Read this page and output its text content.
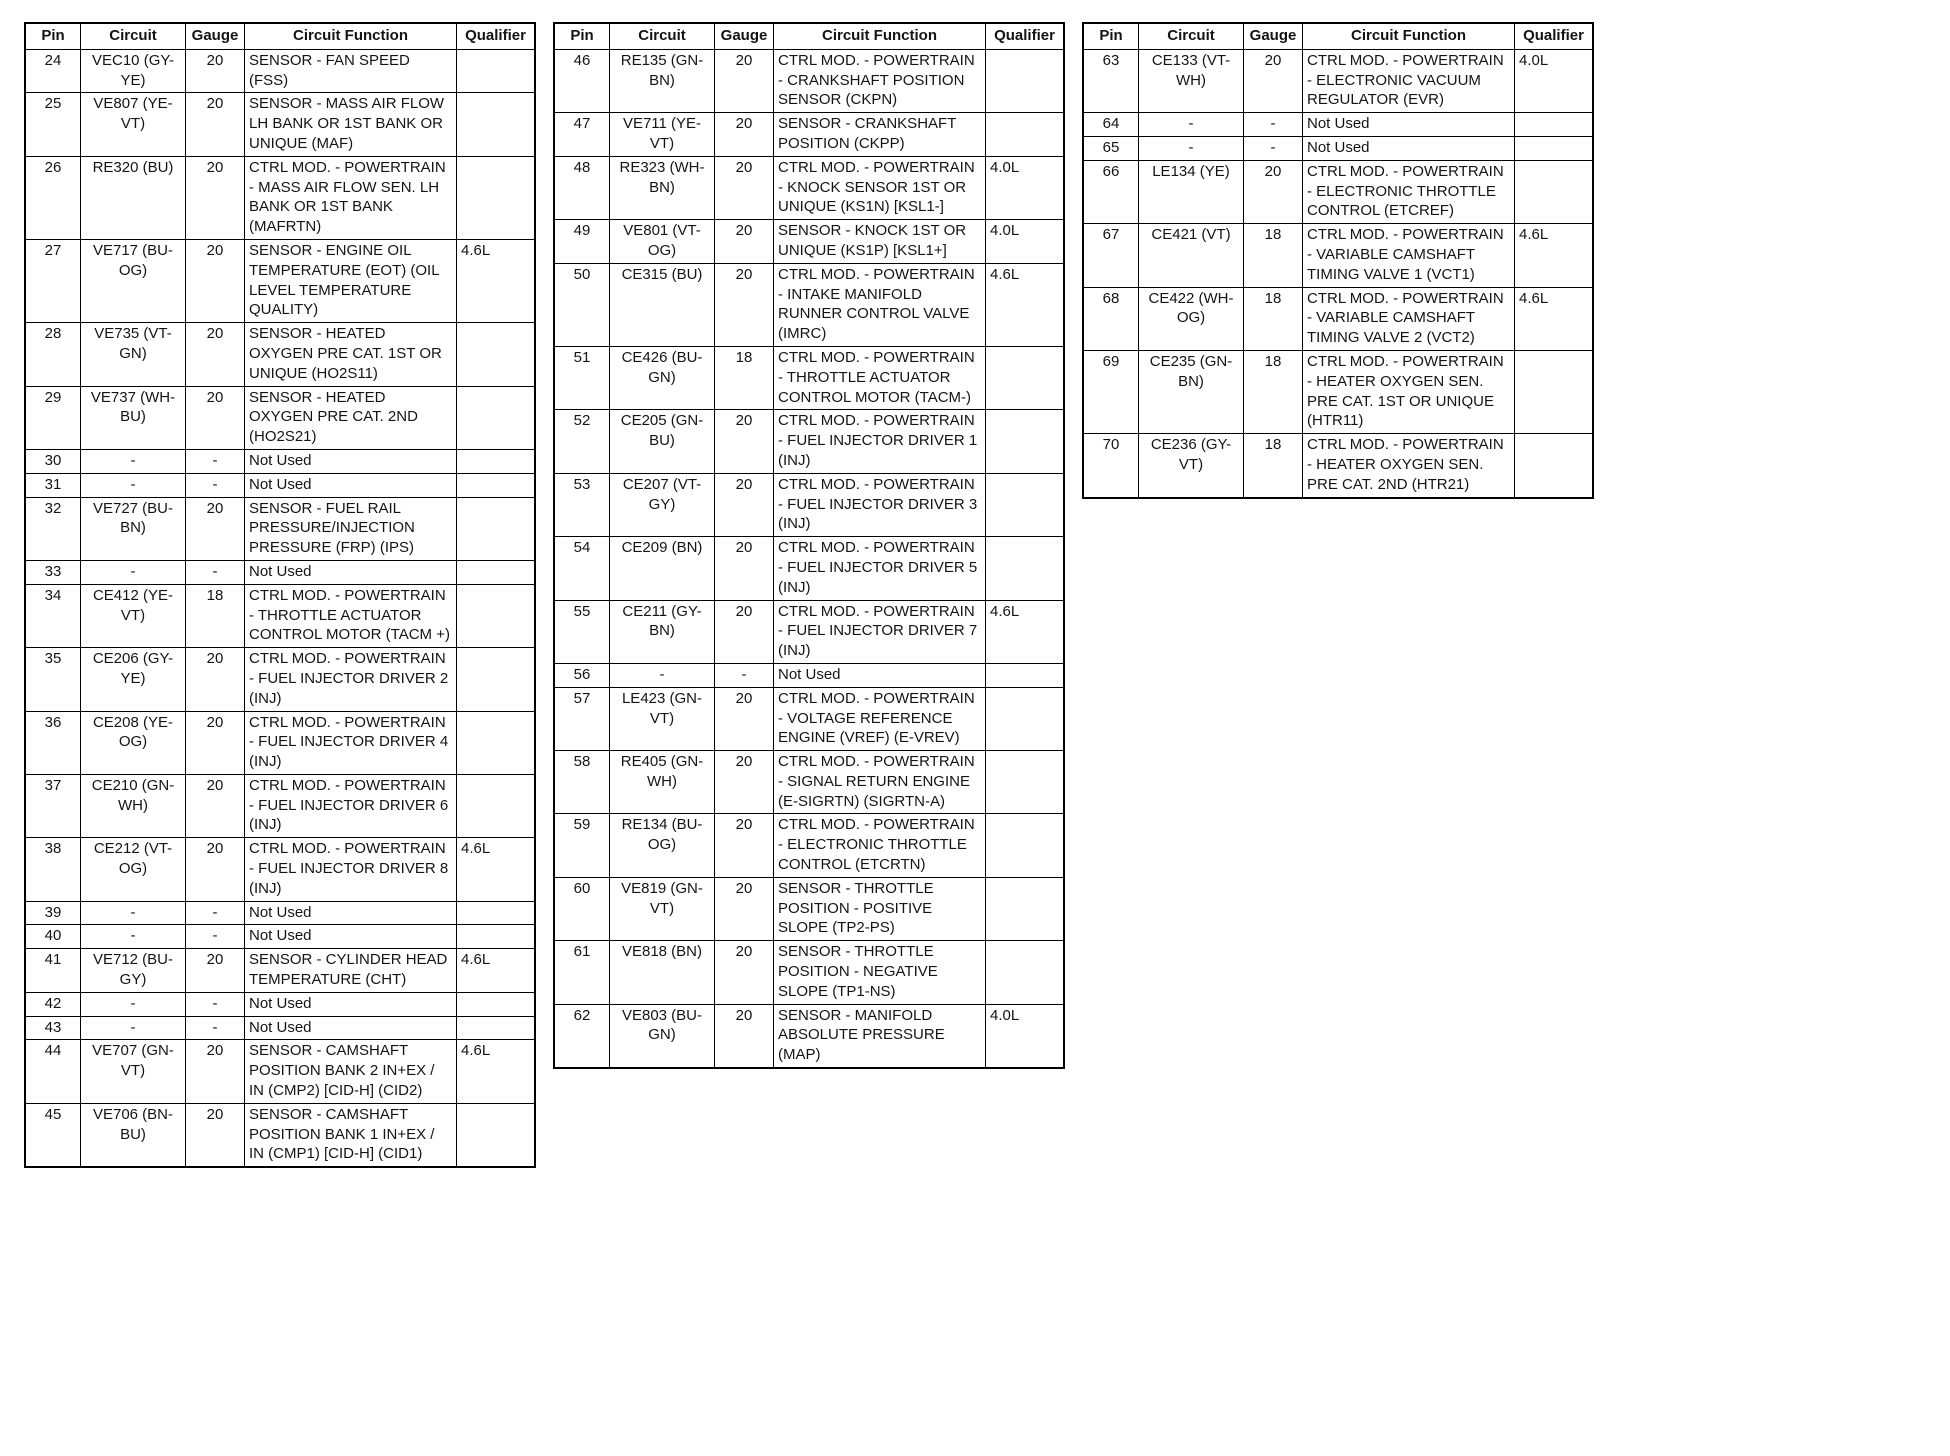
Pin	Circuit	Gauge	Circuit Function	Qualifier
24	VEC10 (GY-YE)	20	SENSOR - FAN SPEED (FSS)	
25	VE807 (YE-VT)	20	SENSOR - MASS AIR FLOW LH BANK OR 1ST BANK OR UNIQUE (MAF)	
26	RE320 (BU)	20	CTRL MOD. - POWERTRAIN - MASS AIR FLOW SEN. LH BANK OR 1ST BANK (MAFRTN)	
27	VE717 (BU-OG)	20	SENSOR - ENGINE OIL TEMPERATURE (EOT) (OIL LEVEL TEMPERATURE QUALITY)	4.6L
28	VE735 (VT-GN)	20	SENSOR - HEATED OXYGEN PRE CAT. 1ST OR UNIQUE (HO2S11)	
29	VE737 (WH-BU)	20	SENSOR - HEATED OXYGEN PRE CAT. 2ND (HO2S21)	
30	-	-	Not Used	
31	-	-	Not Used	
32	VE727 (BU-BN)	20	SENSOR - FUEL RAIL PRESSURE/INJECTION PRESSURE (FRP) (IPS)	
33	-	-	Not Used	
34	CE412 (YE-VT)	18	CTRL MOD. - POWERTRAIN - THROTTLE ACTUATOR CONTROL MOTOR (TACM +)	
35	CE206 (GY-YE)	20	CTRL MOD. - POWERTRAIN - FUEL INJECTOR DRIVER 2 (INJ)	
36	CE208 (YE-OG)	20	CTRL MOD. - POWERTRAIN - FUEL INJECTOR DRIVER 4 (INJ)	
37	CE210 (GN-WH)	20	CTRL MOD. - POWERTRAIN - FUEL INJECTOR DRIVER 6 (INJ)	
38	CE212 (VT-OG)	20	CTRL MOD. - POWERTRAIN - FUEL INJECTOR DRIVER 8 (INJ)	4.6L
39	-	-	Not Used	
40	-	-	Not Used	
41	VE712 (BU-GY)	20	SENSOR - CYLINDER HEAD TEMPERATURE (CHT)	4.6L
42	-	-	Not Used	
43	-	-	Not Used	
44	VE707 (GN-VT)	20	SENSOR - CAMSHAFT POSITION BANK 2 IN+EX / IN (CMP2) [CID-H] (CID2)	4.6L
45	VE706 (BN-BU)	20	SENSOR - CAMSHAFT POSITION BANK 1 IN+EX / IN (CMP1) [CID-H] (CID1)	
Pin	Circuit	Gauge	Circuit Function	Qualifier
46	RE135 (GN-BN)	20	CTRL MOD. - POWERTRAIN - CRANKSHAFT POSITION SENSOR (CKPN)	
47	VE711 (YE-VT)	20	SENSOR - CRANKSHAFT POSITION (CKPP)	
48	RE323 (WH-BN)	20	CTRL MOD. - POWERTRAIN - KNOCK SENSOR 1ST OR UNIQUE (KS1N) [KSL1-]	4.0L
49	VE801 (VT-OG)	20	SENSOR - KNOCK 1ST OR UNIQUE (KS1P) [KSL1+]	4.0L
50	CE315 (BU)	20	CTRL MOD. - POWERTRAIN - INTAKE MANIFOLD RUNNER CONTROL VALVE (IMRC)	4.6L
51	CE426 (BU-GN)	18	CTRL MOD. - POWERTRAIN - THROTTLE ACTUATOR CONTROL MOTOR (TACM-)	
52	CE205 (GN-BU)	20	CTRL MOD. - POWERTRAIN - FUEL INJECTOR DRIVER 1 (INJ)	
53	CE207 (VT-GY)	20	CTRL MOD. - POWERTRAIN - FUEL INJECTOR DRIVER 3 (INJ)	
54	CE209 (BN)	20	CTRL MOD. - POWERTRAIN - FUEL INJECTOR DRIVER 5 (INJ)	
55	CE211 (GY-BN)	20	CTRL MOD. - POWERTRAIN - FUEL INJECTOR DRIVER 7 (INJ)	4.6L
56	-	-	Not Used	
57	LE423 (GN-VT)	20	CTRL MOD. - POWERTRAIN - VOLTAGE REFERENCE ENGINE (VREF) (E-VREV)	
58	RE405 (GN-WH)	20	CTRL MOD. - POWERTRAIN - SIGNAL RETURN ENGINE (E-SIGRTN) (SIGRTN-A)	
59	RE134 (BU-OG)	20	CTRL MOD. - POWERTRAIN - ELECTRONIC THROTTLE CONTROL (ETCRTN)	
60	VE819 (GN-VT)	20	SENSOR - THROTTLE POSITION - POSITIVE SLOPE (TP2-PS)	
61	VE818 (BN)	20	SENSOR - THROTTLE POSITION - NEGATIVE SLOPE (TP1-NS)	
62	VE803 (BU-GN)	20	SENSOR - MANIFOLD ABSOLUTE PRESSURE (MAP)	4.0L
Pin	Circuit	Gauge	Circuit Function	Qualifier
63	CE133 (VT-WH)	20	CTRL MOD. - POWERTRAIN - ELECTRONIC VACUUM REGULATOR (EVR)	4.0L
64	-	-	Not Used	
65	-	-	Not Used	
66	LE134 (YE)	20	CTRL MOD. - POWERTRAIN - ELECTRONIC THROTTLE CONTROL (ETCREF)	
67	CE421 (VT)	18	CTRL MOD. - POWERTRAIN - VARIABLE CAMSHAFT TIMING VALVE 1 (VCT1)	4.6L
68	CE422 (WH-OG)	18	CTRL MOD. - POWERTRAIN - VARIABLE CAMSHAFT TIMING VALVE 2 (VCT2)	4.6L
69	CE235 (GN-BN)	18	CTRL MOD. - POWERTRAIN - HEATER OXYGEN SEN. PRE CAT. 1ST OR UNIQUE (HTR11)	
70	CE236 (GY-VT)	18	CTRL MOD. - POWERTRAIN - HEATER OXYGEN SEN. PRE CAT. 2ND (HTR21)	
